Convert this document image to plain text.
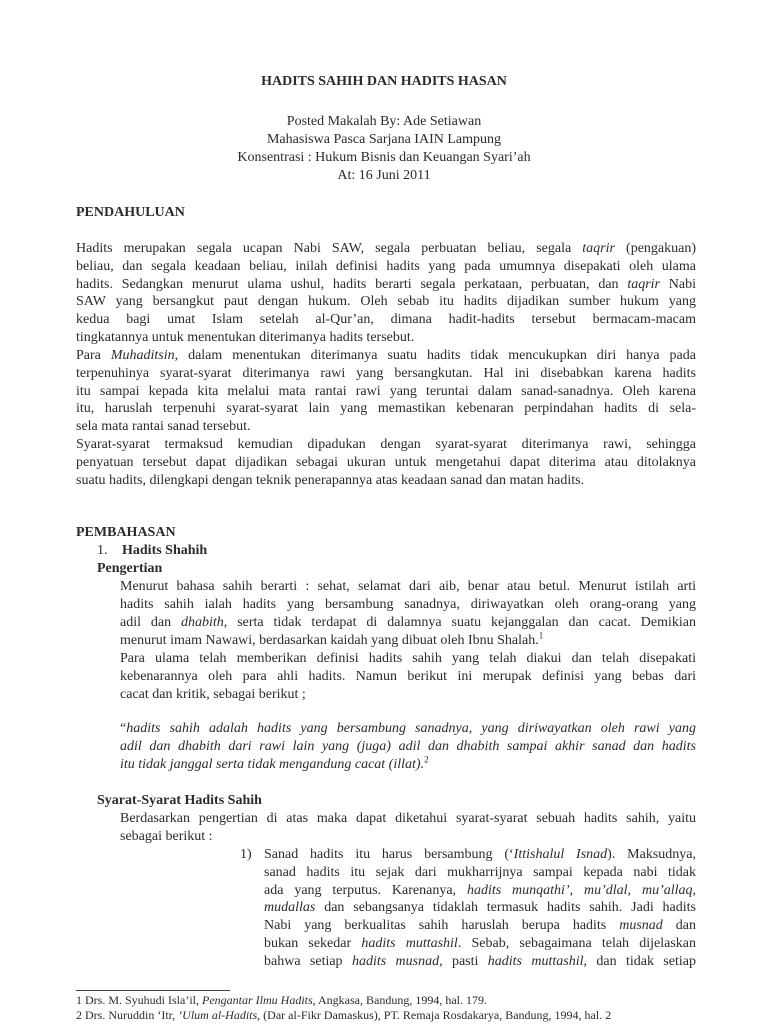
HADITS SAHIH DAN HADITS HASAN
Posted Makalah By: Ade Setiawan
Mahasiswa Pasca Sarjana IAIN Lampung
Konsentrasi : Hukum Bisnis dan Keuangan Syari’ah
At: 16 Juni 2011
PENDAHULUAN
Hadits merupakan segala ucapan Nabi SAW, segala perbuatan beliau, segala taqrir (pengakuan)
beliau, dan segala keadaan beliau, inilah definisi hadits yang pada umumnya disepakati oleh ulama
hadits. Sedangkan menurut ulama ushul, hadits berarti segala perkataan, perbuatan, dan taqrir Nabi
SAW yang bersangkut paut dengan hukum. Oleh sebab itu hadits dijadikan sumber hukum yang
kedua bagi umat Islam setelah al-Qur’an, dimana hadit-hadits tersebut bermacam-macam
tingkatannya untuk menentukan diterimanya hadits tersebut.
Para Muhaditsin, dalam menentukan diterimanya suatu hadits tidak mencukupkan diri hanya pada
terpenuhinya syarat-syarat diterimanya rawi yang bersangkutan. Hal ini disebabkan karena hadits
itu sampai kepada kita melalui mata rantai rawi yang teruntai dalam sanad-sanadnya. Oleh karena
itu, haruslah terpenuhi syarat-syarat lain yang memastikan kebenaran perpindahan hadits di sela-
sela mata rantai sanad tersebut.
Syarat-syarat termaksud kemudian dipadukan dengan syarat-syarat diterimanya rawi, sehingga
penyatuan tersebut dapat dijadikan sebagai ukuran untuk mengetahui dapat diterima atau ditolaknya
suatu hadits, dilengkapi dengan teknik penerapannya atas keadaan sanad dan matan hadits.
PEMBAHASAN
1. Hadits Shahih
Pengertian
Menurut bahasa sahih berarti : sehat, selamat dari aib, benar atau betul. Menurut istilah arti
hadits sahih ialah hadits yang bersambung sanadnya, diriwayatkan oleh orang-orang yang
adil dan dhabith, serta tidak terdapat di dalamnya suatu kejanggalan dan cacat. Demikian
menurut imam Nawawi, berdasarkan kaidah yang dibuat oleh Ibnu Shalah.$^1$
Para ulama telah memberikan definisi hadits sahih yang telah diakui dan telah disepakati
kebenarannya oleh para ahli hadits. Namun berikut ini merupak definisi yang bebas dari
cacat dan kritik, sebagai berikut ;
“hadits sahih adalah hadits yang bersambung sanadnya, yang diriwayatkan oleh rawi yang
adil dan dhabith dari rawi lain yang (juga) adil dan dhabith sampai akhir sanad dan hadits
itu tidak janggal serta tidak mengandung cacat (illat).$^2$
Syarat-Syarat Hadits Sahih
Berdasarkan pengertian di atas maka dapat diketahui syarat-syarat sebuah hadits sahih, yaitu
sebagai berikut :
1) Sanad hadits itu harus bersambung (‘Ittishalul Isnad). Maksudnya,
sanad hadits itu sejak dari mukharrijnya sampai kepada nabi tidak
ada yang terputus. Karenanya, hadits munqathi’, mu’dlal, mu’allaq,
mudallas dan sebangsanya tidaklah termasuk hadits sahih. Jadi hadits
Nabi yang berkualitas sahih haruslah berupa hadits musnad dan
bukan sekedar hadits muttashil. Sebab, sebagaimana telah dijelaskan
bahwa setiap hadits musnad, pasti hadits muttashil, dan tidak setiap
1 Drs. M. Syuhudi Isla’il, Pengantar Ilmu Hadits, Angkasa, Bandung, 1994, hal. 179.
2 Drs. Nuruddin ‘Itr, ‘Ulum al-Hadits, (Dar al-Fikr Damaskus), PT. Remaja Rosdakarya, Bandung, 1994, hal. 2
